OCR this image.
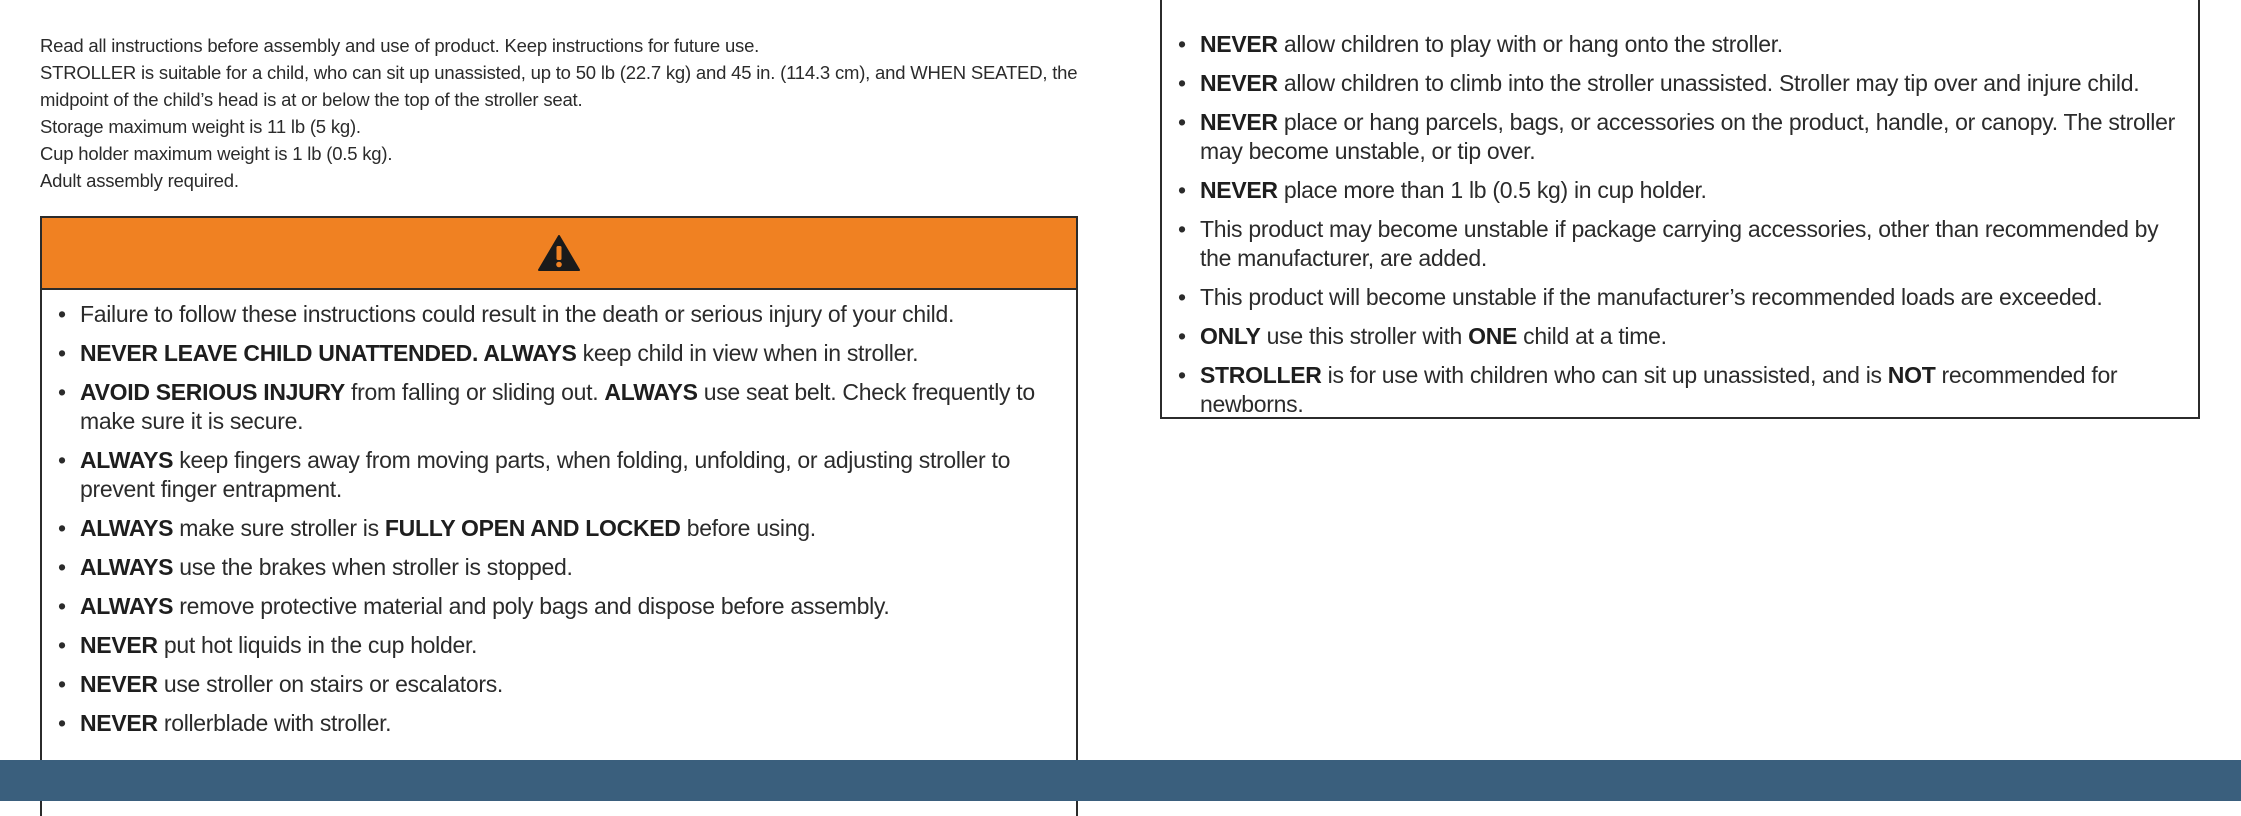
Read all instructions before assembly and use of product. Keep instructions for future use.

STROLLER is suitable for a child, who can sit up unassisted, up to 50 lb (22.7 kg) and 45 in. (114.3 cm), and WHEN SEATED, the midpoint of the child’s head is at or below the top of the stroller seat.

Storage maximum weight is 11 lb (5 kg).

Cup holder maximum weight is 1 lb (0.5 kg).

Adult assembly required.

• Failure to follow these instructions could result in the death or serious injury of your child.
• NEVER LEAVE CHILD UNATTENDED. ALWAYS keep child in view when in stroller.
• AVOID SERIOUS INJURY from falling or sliding out. ALWAYS use seat belt. Check frequently to make sure it is secure.
• ALWAYS keep fingers away from moving parts, when folding, unfolding, or adjusting stroller to prevent finger entrapment.
• ALWAYS make sure stroller is FULLY OPEN AND LOCKED before using.
• ALWAYS use the brakes when stroller is stopped.
• ALWAYS remove protective material and poly bags and dispose before assembly.
• NEVER put hot liquids in the cup holder.
• NEVER use stroller on stairs or escalators.
• NEVER rollerblade with stroller.
• NEVER allow children to play with or hang onto the stroller.
• NEVER allow children to climb into the stroller unassisted. Stroller may tip over and injure child.
• NEVER place or hang parcels, bags, or accessories on the product, handle, or canopy. The stroller may become unstable, or tip over.
• NEVER place more than 1 lb (0.5 kg) in cup holder.
• This product may become unstable if package carrying accessories, other than recommended by the manufacturer, are added.
• This product will become unstable if the manufacturer’s recommended loads are exceeded.
• ONLY use this stroller with ONE child at a time.
• STROLLER is for use with children who can sit up unassisted, and is NOT recommended for newborns.
